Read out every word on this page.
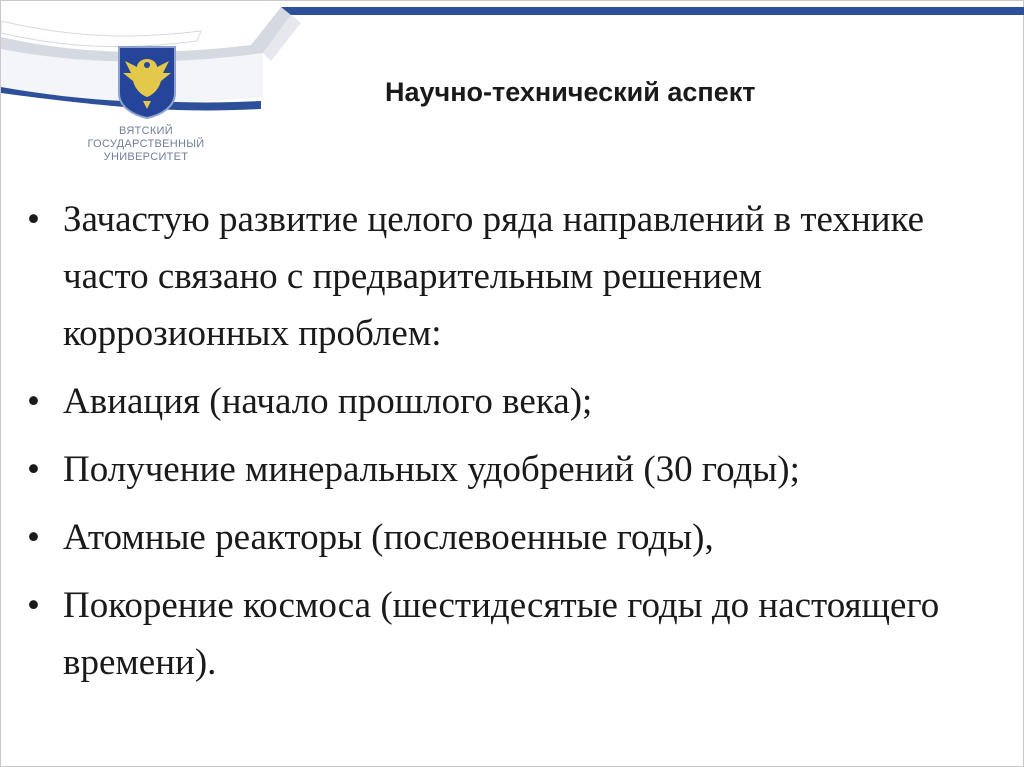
ВЯТСКИЙ
ГОСУДАРСТВЕННЫЙ
УНИВЕРСИТЕТ
Научно-технический аспект
• Зачастую развитие целого ряда направлений в технике часто связано с предварительным решением коррозионных проблем:
• Авиация (начало прошлого века);
• Получение минеральных удобрений (30 годы);
• Атомные реакторы (послевоенные годы),
• Покорение космоса (шестидесятые годы до настоящего времени).
